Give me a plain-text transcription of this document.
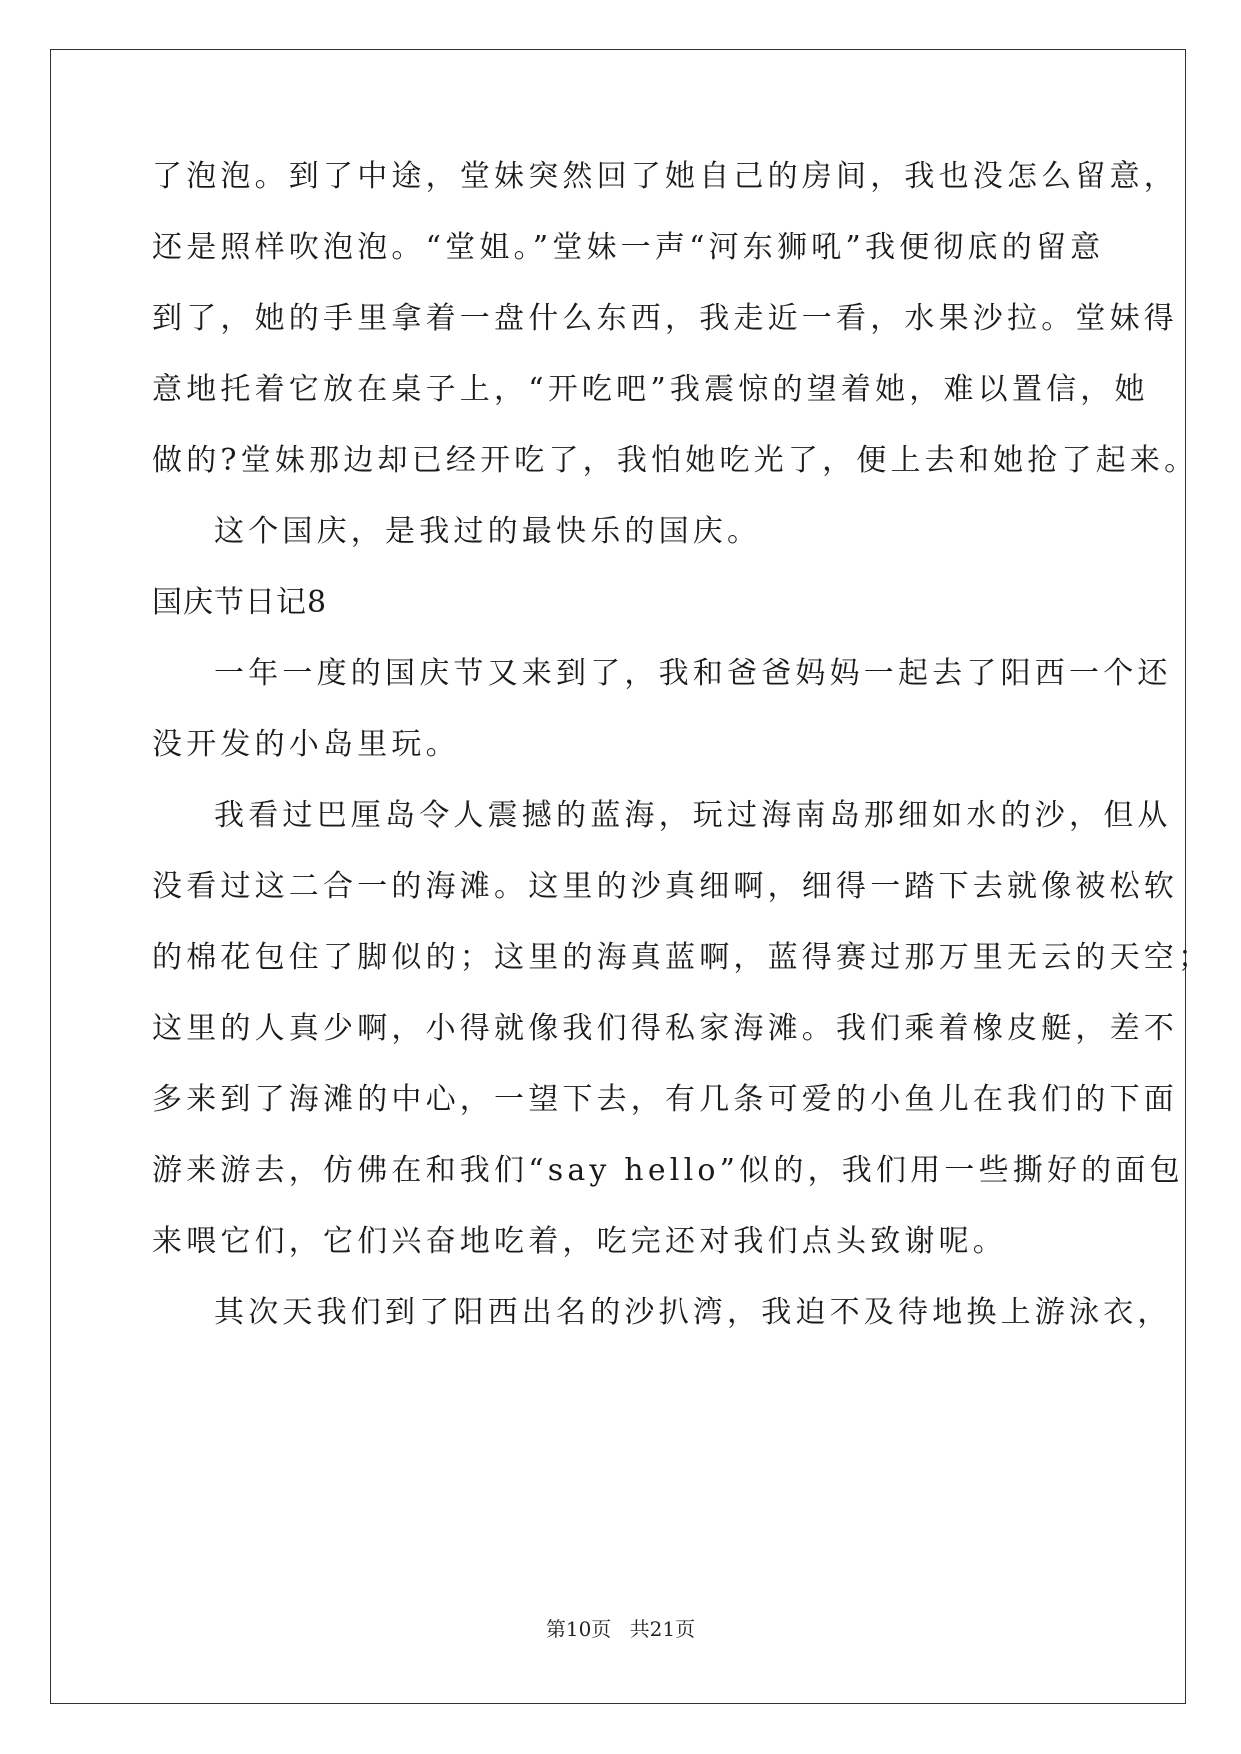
了泡泡。到了中途，堂妹突然回了她自己的房间，我也没怎么留意，
还是照样吹泡泡。“堂姐。”堂妹一声“河东狮吼”我便彻底的留意
到了，她的手里拿着一盘什么东西，我走近一看，水果沙拉。堂妹得
意地托着它放在桌子上，“开吃吧”我震惊的望着她，难以置信，她
做的?堂妹那边却已经开吃了，我怕她吃光了，便上去和她抢了起来。
这个国庆，是我过的最快乐的国庆。
国庆节日记8
一年一度的国庆节又来到了，我和爸爸妈妈一起去了阳西一个还
没开发的小岛里玩。
我看过巴厘岛令人震撼的蓝海，玩过海南岛那细如水的沙，但从
没看过这二合一的海滩。这里的沙真细啊，细得一踏下去就像被松软
的棉花包住了脚似的；这里的海真蓝啊，蓝得赛过那万里无云的天空；
这里的人真少啊，小得就像我们得私家海滩。我们乘着橡皮艇，差不
多来到了海滩的中心，一望下去，有几条可爱的小鱼儿在我们的下面
游来游去，仿佛在和我们“say hello”似的，我们用一些撕好的面包
来喂它们，它们兴奋地吃着，吃完还对我们点头致谢呢。
其次天我们到了阳西出名的沙扒湾，我迫不及待地换上游泳衣，
第10页 共21页
